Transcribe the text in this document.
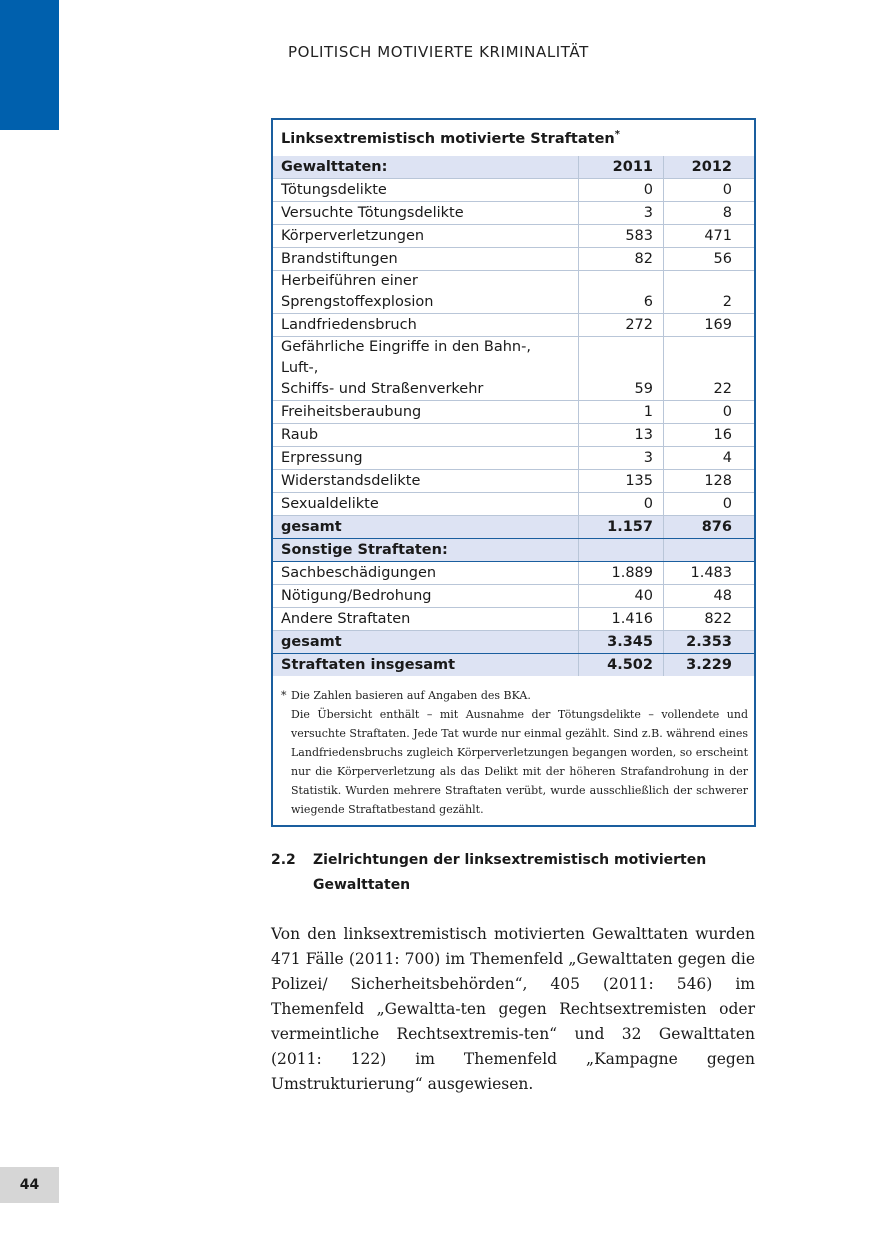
POLITISCH MOTIVIERTE KRIMINALITÄT
Linksextremistisch motivierte Straftaten*
Gewalttaten:	2011	2012
Tötungsdelikte	0	0
Versuchte Tötungsdelikte	3	8
Körperverletzungen	583	471
Brandstiftungen	82	56
Herbeiführen einer Sprengstoffexplosion	6	2
Landfriedensbruch	272	169

Gefährliche Eingriffe in den Bahn-, Luft-,
Schiffs- und Straßenverkehr	59	22
Freiheitsberaubung	1	0
Raub	13	16
Erpressung	3	4
Widerstandsdelikte	135	128
Sexualdelikte	0	0
gesamt	1.157	876
Sonstige Straftaten:		
Sachbeschädigungen	1.889	1.483
Nötigung/Bedrohung	40	48
Andere Straftaten	1.416	822
gesamt	3.345	2.353
Straftaten insgesamt	4.502	3.229
* Die Zahlen basieren auf Angaben des BKA.
Die Übersicht enthält – mit Ausnahme der Tötungsdelikte – vollendete und versuchte Straftaten. Jede Tat wurde nur einmal gezählt. Sind z.B. während eines Landfriedensbruchs zugleich Körperverletzungen begangen worden, so erscheint nur die Körperverletzung als das Delikt mit der höheren Strafandrohung in der Statistik. Wurden mehrere Straftaten verübt, wurde ausschließlich der schwerer wiegende Straftatbestand gezählt.
2.2 Zielrichtungen der linksextremistisch motivierten Gewalttaten
Von den linksextremistisch motivierten Gewalttaten wurden 471 Fälle (2011: 700) im Themenfeld „Gewalttaten gegen die Polizei/ Sicherheitsbehörden“, 405 (2011: 546) im Themenfeld „Gewaltta-ten gegen Rechtsextremisten oder vermeintliche Rechtsextremis-ten“ und 32 Gewalttaten (2011: 122) im Themenfeld „Kampagne gegen Umstrukturierung“ ausgewiesen.
44
